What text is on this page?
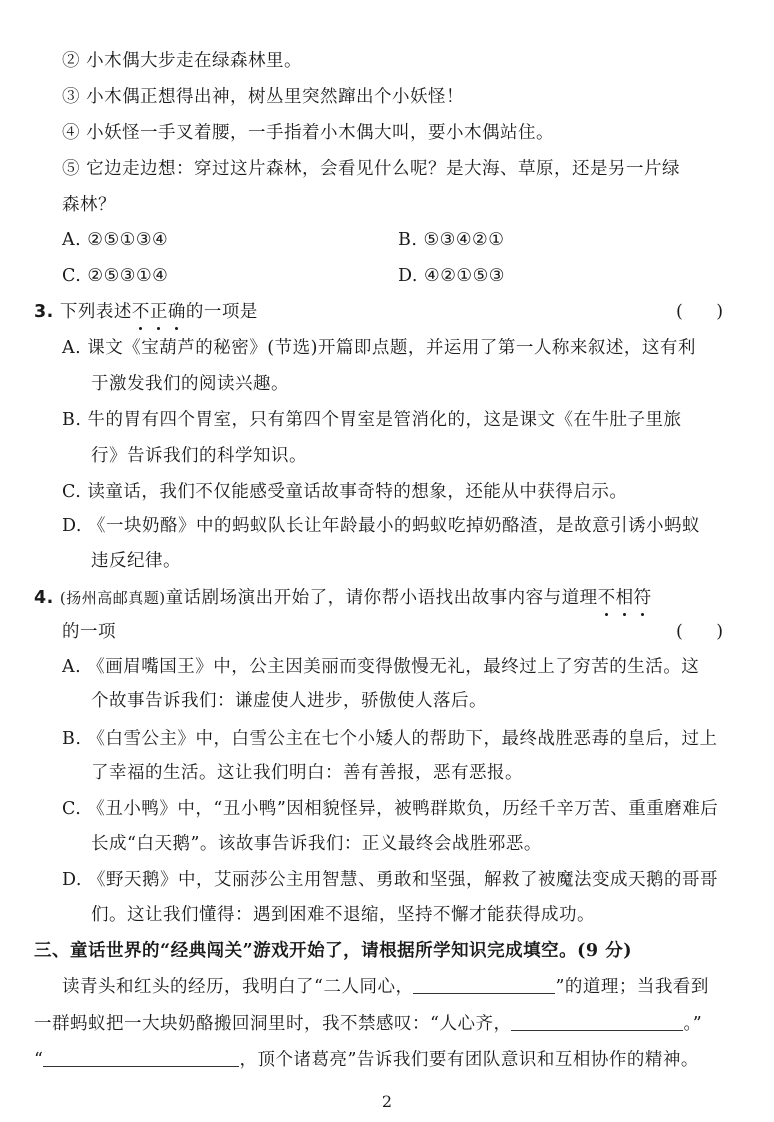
② 小木偶大步走在绿森林里。
③ 小木偶正想得出神，树丛里突然蹿出个小妖怪！
④ 小妖怪一手叉着腰，一手指着小木偶大叫，要小木偶站住。
⑤ 它边走边想：穿过这片森林，会看见什么呢？是大海、草原，还是另一片绿
森林？
A. ②⑤①③④	B. ⑤③④②①
C. ②⑤③①④	D. ④②①⑤③
3. 下列表述不正确的一项是	(      )
A. 课文《宝葫芦的秘密》(节选)开篇即点题，并运用了第一人称来叙述，这有利
于激发我们的阅读兴趣。
B. 牛的胃有四个胃室，只有第四个胃室是管消化的，这是课文《在牛肚子里旅
行》告诉我们的科学知识。
C. 读童话，我们不仅能感受童话故事奇特的想象，还能从中获得启示。
D. 《一块奶酪》中的蚂蚁队长让年龄最小的蚂蚁吃掉奶酪渣，是故意引诱小蚂蚁
违反纪律。
4. (扬州高邮真题)童话剧场演出开始了，请你帮小语找出故事内容与道理不相符
的一项	(      )
A. 《画眉嘴国王》中，公主因美丽而变得傲慢无礼，最终过上了穷苦的生活。这
个故事告诉我们：谦虚使人进步，骄傲使人落后。
B. 《白雪公主》中，白雪公主在七个小矮人的帮助下，最终战胜恶毒的皇后，过上
了幸福的生活。这让我们明白：善有善报，恶有恶报。
C. 《丑小鸭》中，“丑小鸭”因相貌怪异，被鸭群欺负，历经千辛万苦、重重磨难后
长成“白天鹅”。该故事告诉我们：正义最终会战胜邪恶。
D. 《野天鹅》中，艾丽莎公主用智慧、勇敢和坚强，解救了被魔法变成天鹅的哥哥
们。这让我们懂得：遇到困难不退缩，坚持不懈才能获得成功。
三、童话世界的“经典闯关”游戏开始了，请根据所学知识完成填空。(9 分)
读青头和红头的经历，我明白了“二人同心，	”的道理；当我看到
一群蚂蚁把一大块奶酪搬回洞里时，我不禁感叹：“人心齐，	。”
“	，顶个诸葛亮”告诉我们要有团队意识和互相协作的精神。
2
